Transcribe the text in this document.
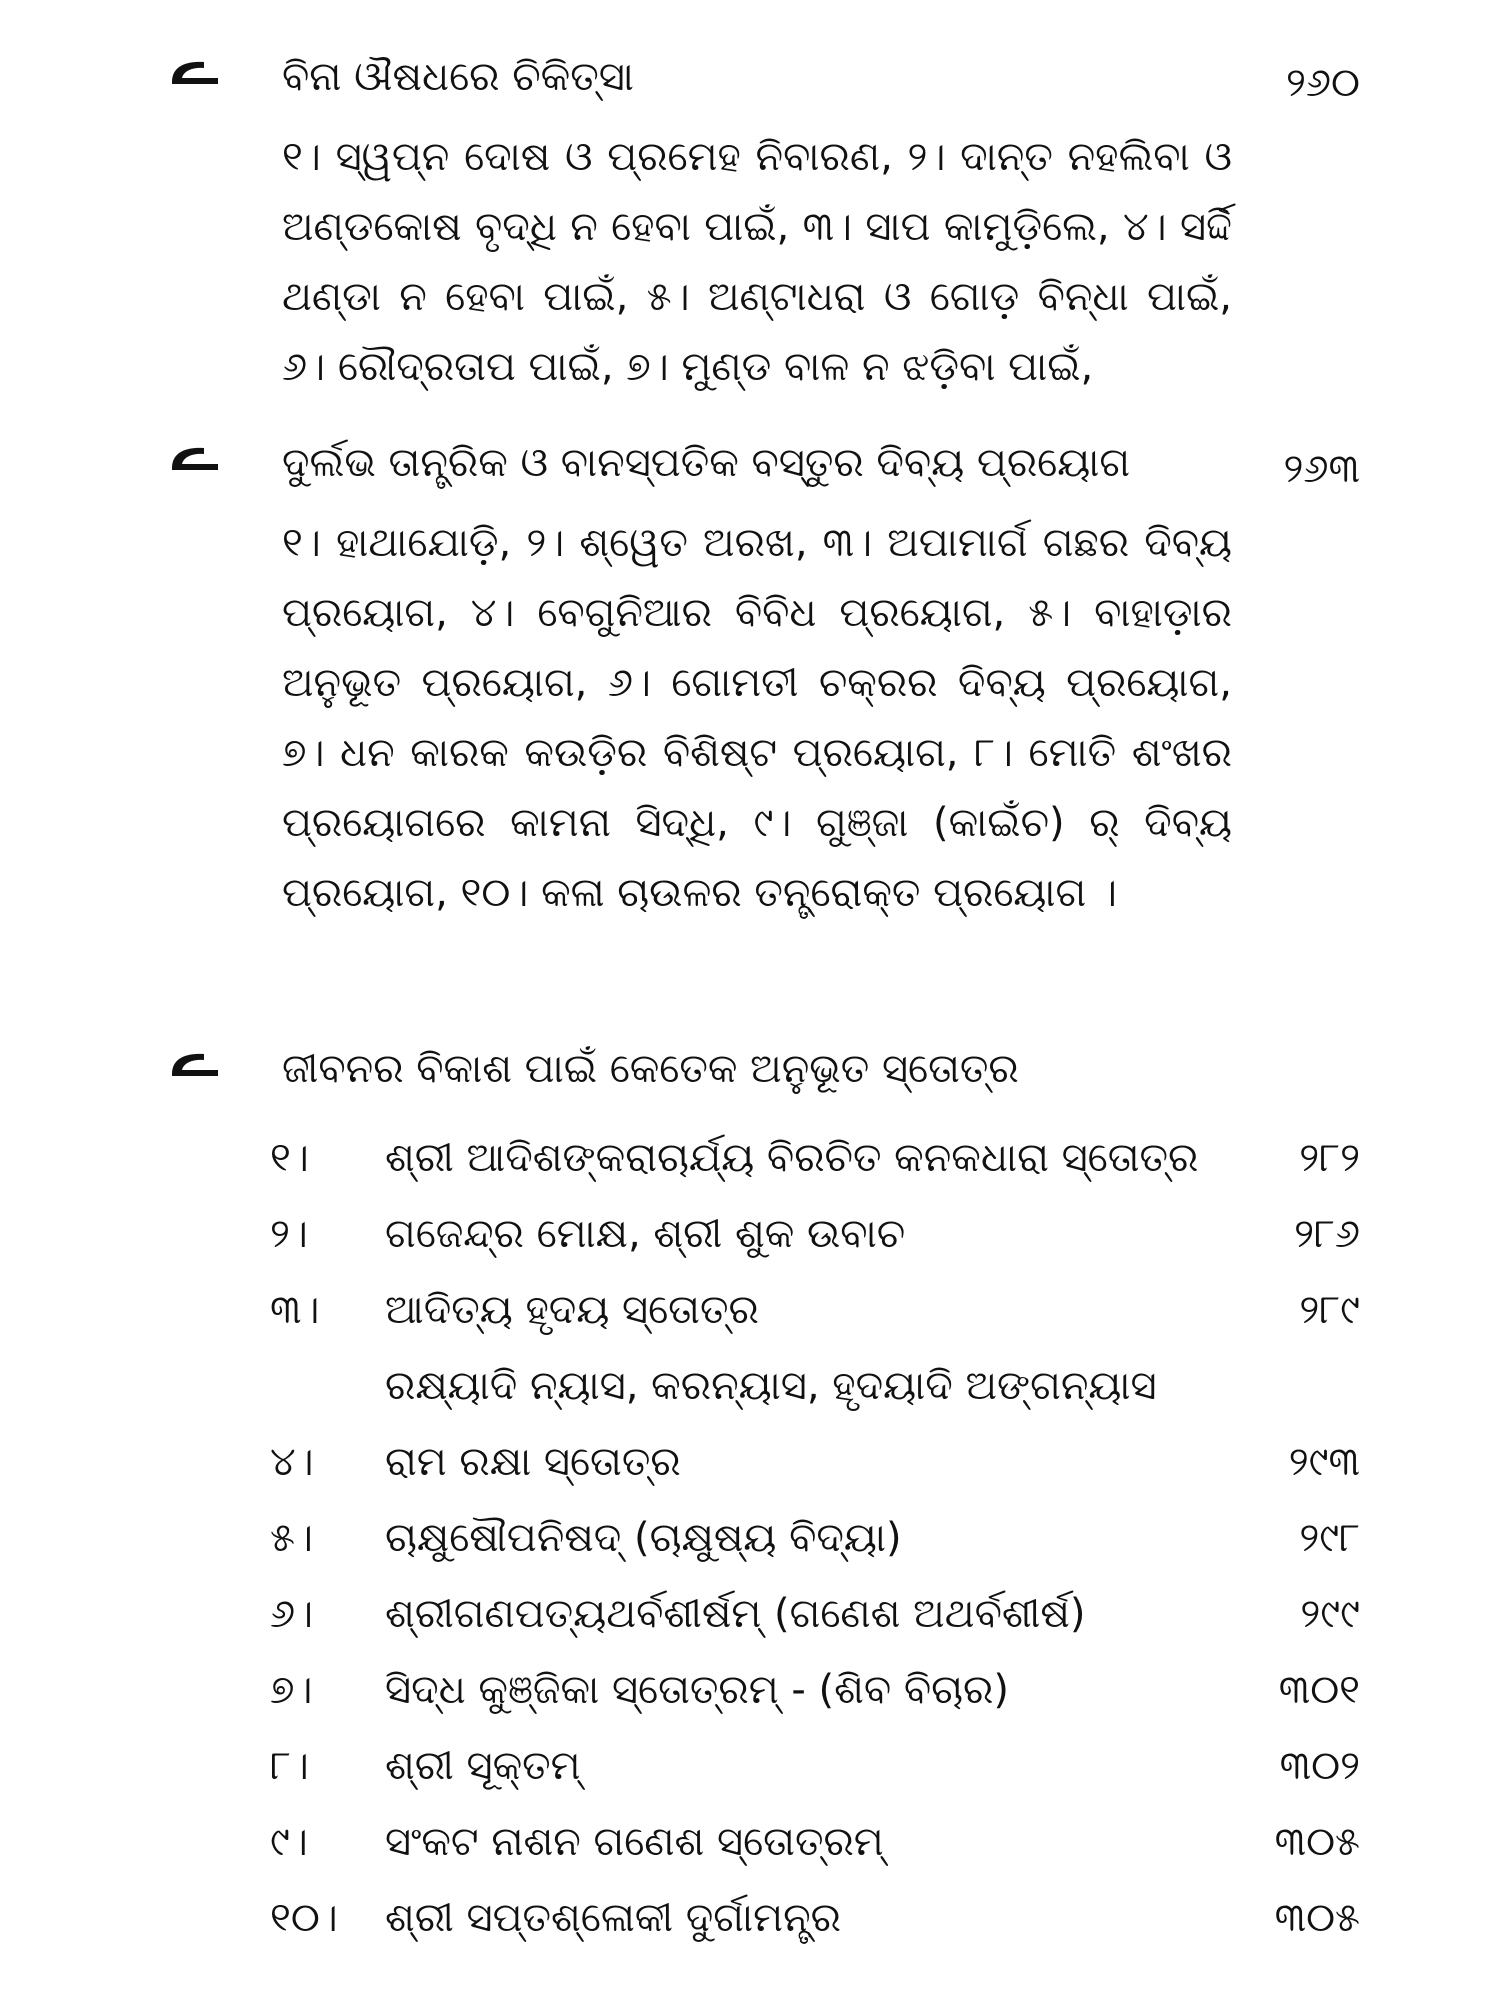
ବିନା ଔଷଧରେ ଚିକିତ୍ସା	୨୬୦

୧। ସ୍ୱପ୍ନ ଦୋଷ ଓ ପ୍ରମେହ ନିବାରଣ, ୨। ଦାନ୍ତ ନହଲିବା ଓ ଅଣ୍ଡକୋଷ ବୃଦ୍ଧି ନ ହେବା ପାଇଁ, ୩। ସାପ କାମୁଡ଼ିଲେ, ୪। ସର୍ଦ୍ଦି ଥଣ୍ଡା ନ ହେବା ପାଇଁ, ୫। ଅଣ୍ଟାଧରା ଓ ଗୋଡ଼ ବିନ୍ଧା ପାଇଁ, ୬। ରୌଦ୍ରତାପ ପାଇଁ, ୭। ମୁଣ୍ଡ ବାଳ ନ ଝଡ଼ିବା ପାଇଁ,

ଦୁର୍ଲଭ ତାନ୍ତ୍ରିକ ଓ ବାନସ୍ପତିକ ବସ୍ତୁର ଦିବ୍ୟ ପ୍ରୟୋଗ	୨୬୩

୧। ହାଥାଯୋଡ଼ି, ୨। ଶ୍ୱେତ ଅରଖ, ୩। ଅପାମାର୍ଗ ଗଛର ଦିବ୍ୟ ପ୍ରୟୋଗ, ୪। ବେଗୁନିଆର ବିବିଧ ପ୍ରୟୋଗ, ୫। ବାହାଡ଼ାର ଅନୁଭୂତ ପ୍ରୟୋଗ, ୬। ଗୋମତୀ ଚକ୍ରର ଦିବ୍ୟ ପ୍ରୟୋଗ, ୭। ଧନ କାରକ କଉଡ଼ିର ବିଶିଷ୍ଟ ପ୍ରୟୋଗ, ୮। ମୋତି ଶଂଖର ପ୍ରୟୋଗରେ କାମନା ସିଦ୍ଧି, ୯। ଗୁଞ୍ଜା (କାଇଁଚ) ର୍ ଦିବ୍ୟ ପ୍ରୟୋଗ, ୧୦। କଳା ଚାଉଳର ତନ୍ତ୍ରୋକ୍ତ ପ୍ରୟୋଗ ।

ଜୀବନର ବିକାଶ ପାଇଁ କେତେକ ଅନୁଭୂତ ସ୍ତୋତ୍ର
୧।	ଶ୍ରୀ ଆଦିଶଙ୍କରାଚାର୍ଯ୍ୟ ବିରଚିତ କନକଧାରା ସ୍ତୋତ୍ର	୨୮୨
୨।	ଗଜେନ୍ଦ୍ର ମୋକ୍ଷ, ଶ୍ରୀ ଶୁକ ଉବାଚ	୨୮୬
୩।	ଆଦିତ୍ୟ ହୃଦୟ ସ୍ତୋତ୍ର	୨୮୯
ରକ୍ଷ୍ୟାଦି ନ୍ୟାସ, କରନ୍ୟାସ, ହୃଦୟାଦି ଅଙ୍ଗନ୍ୟାସ
୪।	ରାମ ରକ୍ଷା ସ୍ତୋତ୍ର	୨୯୩
୫।	ଚାକ୍ଷୁଷୌପନିଷଦ୍ (ଚାକ୍ଷୁଷ୍ୟ ବିଦ୍ୟା)	୨୯୮
୬।	ଶ୍ରୀଗଣପତ୍ୟଥର୍ବଶୀର୍ଷମ୍ (ଗଣେଶ ଅଥର୍ବଶୀର୍ଷ)	୨୯୯
୭।	ସିଦ୍ଧ କୁଞ୍ଜିକା ସ୍ତୋତ୍ରମ୍ - (ଶିବ ବିଚାର)	୩୦୧
୮।	ଶ୍ରୀ ସୂକ୍ତମ୍	୩୦୨
୯।	ସଂକଟ ନାଶନ ଗଣେଶ ସ୍ତୋତ୍ରମ୍	୩୦୫
୧୦।	ଶ୍ରୀ ସପ୍ତଶ୍ଳୋକୀ ଦୁର୍ଗାମନ୍ତ୍ର	୩୦୫
